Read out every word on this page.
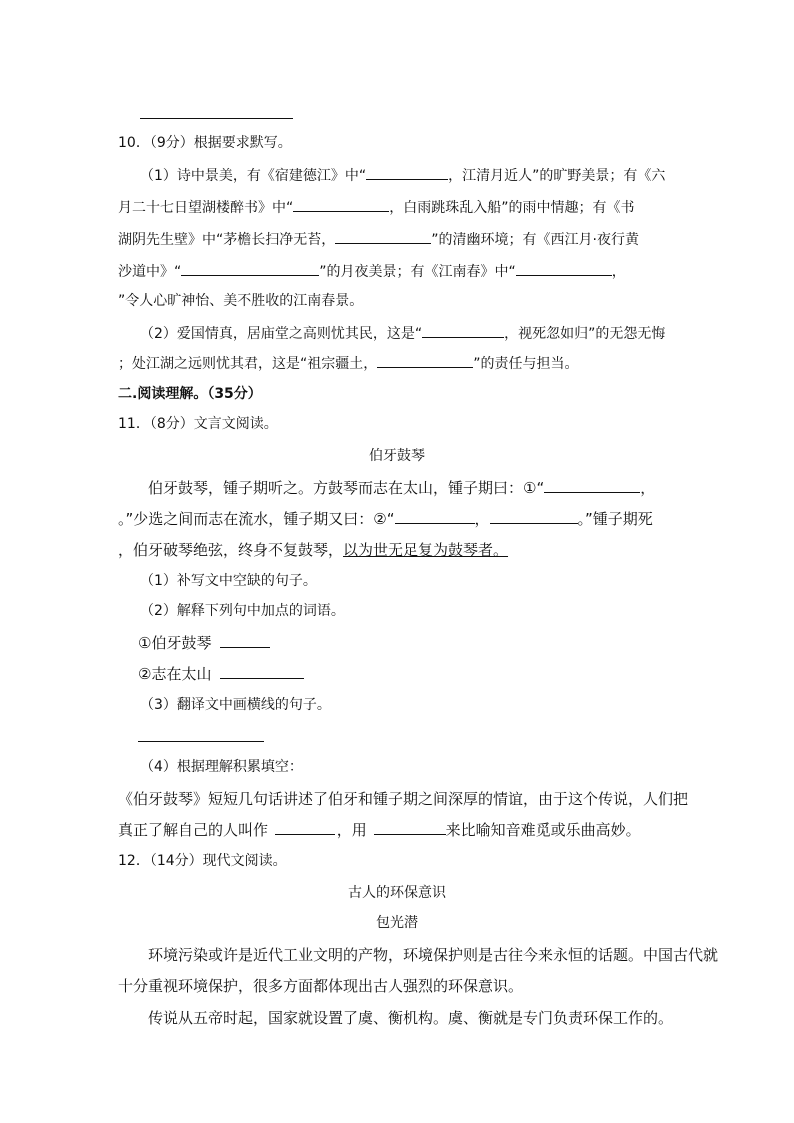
10．（9分）根据要求默写。
（1）诗中景美，有《宿建德江》中“	，江清月近人”的旷野美景；有《六
月二十七日望湖楼醉书》中“	，白雨跳珠乱入船”的雨中情趣；有《书
湖阴先生壁》中“茅檐长扫净无苔，	”的清幽环境；有《西江月·夜行黄
沙道中》“	”的月夜美景；有《江南春》中“	，
”令人心旷神怡、美不胜收的江南春景。
（2）爱国情真，居庙堂之高则忧其民，这是“	，视死忽如归”的无怨无悔
；处江湖之远则忧其君，这是“祖宗疆土，	”的责任与担当。
二.阅读理解。（35分）
11．（8分）文言文阅读。
伯牙鼓琴
伯牙鼓琴，锺子期听之。方鼓琴而志在太山，锺子期曰：①“	，
。”少选之间而志在流水，锺子期又曰：②“	，	。”锺子期死
，伯牙破琴绝弦，终身不复鼓琴，以为世无足复为鼓琴者。
（1）补写文中空缺的句子。
（2）解释下列句中加点的词语。
①伯牙鼓琴
②志在太山
（3）翻译文中画横线的句子。
（4）根据理解积累填空：
《伯牙鼓琴》短短几句话讲述了伯牙和锺子期之间深厚的情谊，由于这个传说，人们把
真正了解自己的人叫作	，用	来比喻知音难觅或乐曲高妙。
12．（14分）现代文阅读。
古人的环保意识
包光潜
环境污染或许是近代工业文明的产物，环境保护则是古往今来永恒的话题。中国古代就
十分重视环境保护，很多方面都体现出古人强烈的环保意识。
传说从五帝时起，国家就设置了虞、衡机构。虞、衡就是专门负责环保工作的。
